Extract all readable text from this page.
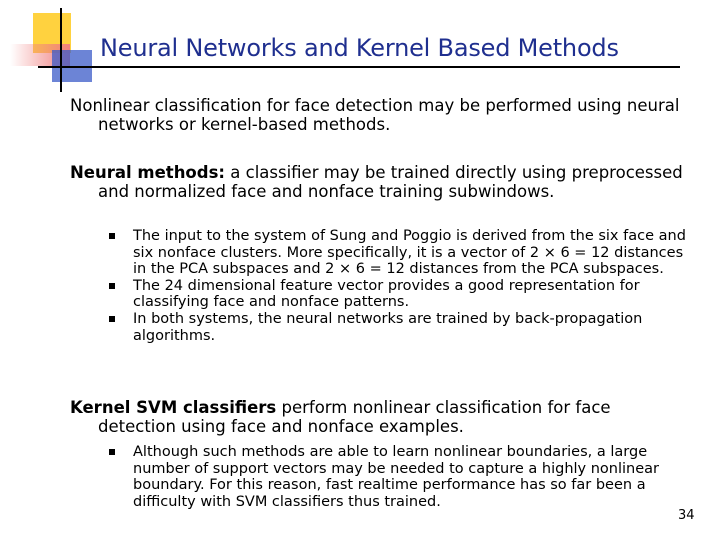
Neural Networks and Kernel Based Methods

Nonlinear classification for face detection may be performed using neural networks or kernel-based methods.

Neural methods: a classifier may be trained directly using preprocessed and normalized face and nonface training subwindows.

The input to the system of Sung and Poggio is derived from the six face and six nonface clusters. More specifically, it is a vector of 2 × 6 = 12 distances in the PCA subspaces and 2 × 6 = 12 distances from the PCA subspaces.
The 24 dimensional feature vector provides a good representation for classifying face and nonface patterns.
In both systems, the neural networks are trained by back-propagation algorithms.

Kernel SVM classifiers perform nonlinear classification for face detection using face and nonface examples.

Although such methods are able to learn nonlinear boundaries, a large number of support vectors may be needed to capture a highly nonlinear boundary. For this reason, fast realtime performance has so far been a difficulty with SVM classifiers thus trained.
34
